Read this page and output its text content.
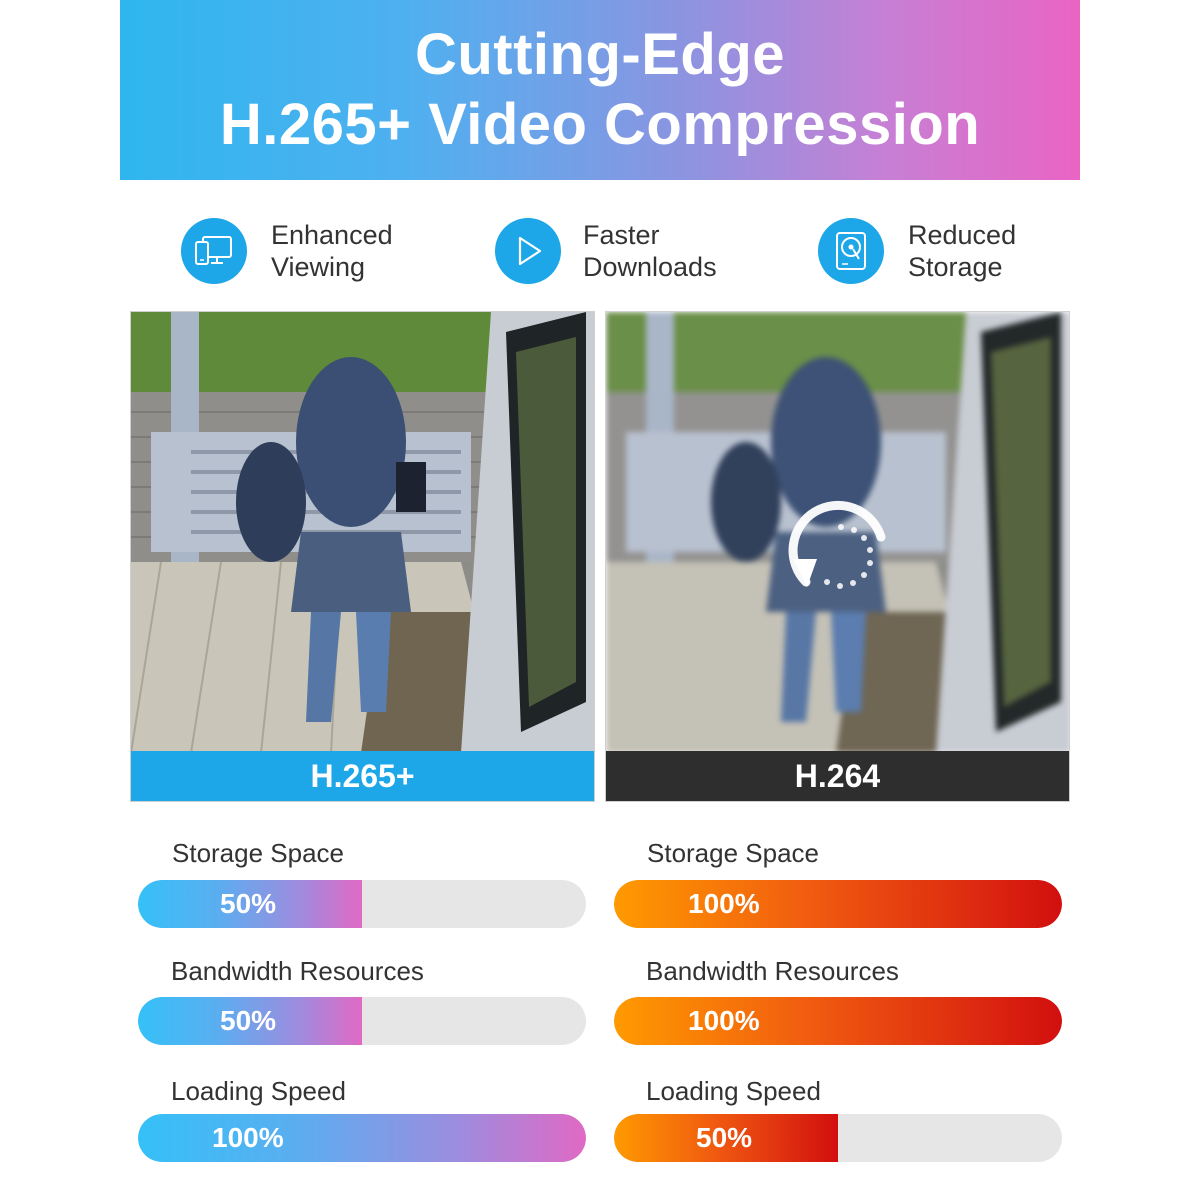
Cutting-Edge
H.265+ Video Compression
Enhanced
Viewing
Faster
Downloads
Reduced
Storage
H.265+	H.264
Storage Space
50%
Bandwidth Resources
50%
Loading Speed
100%
Storage Space
100%
Bandwidth Resources
100%
Loading Speed
50%
